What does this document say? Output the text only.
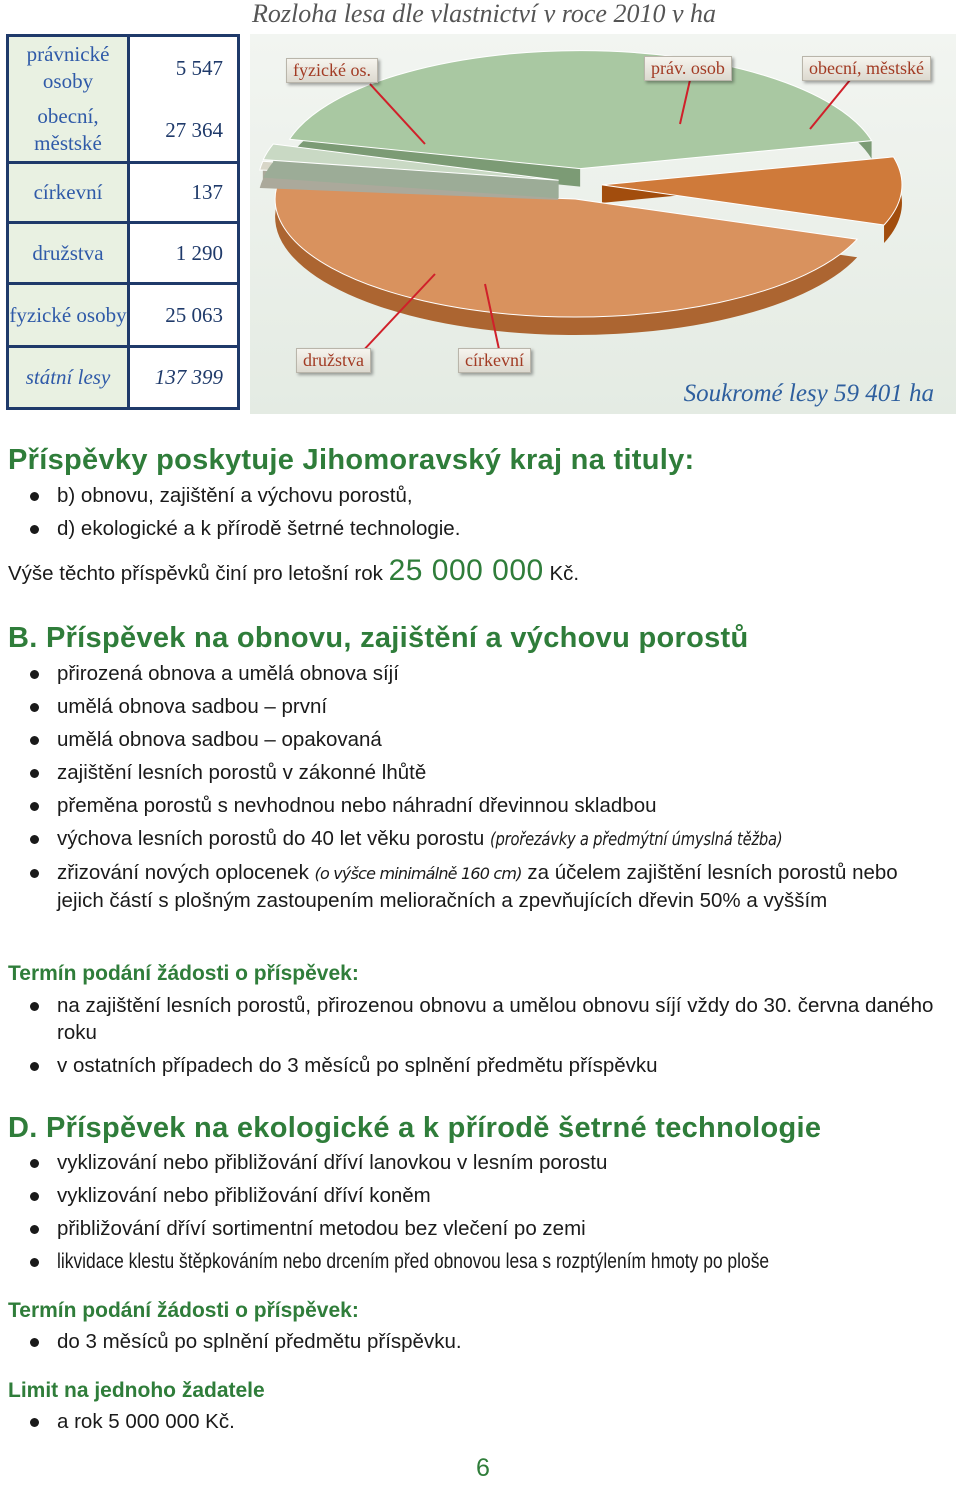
Rozloha lesa dle vlastnictví v roce 2010 v ha
právnické osoby
5 547
obecní, městské
27 364
církevní	137
družstva	1 290
fyzické osoby	25 063
státní lesy	137 399
fyzické os.	práv. osob	obecní, městské
družstva	církevní
Soukromé lesy 59 401 ha
Příspěvky poskytuje Jihomoravský kraj na tituly:
b) obnovu, zajištění a výchovu porostů,
d) ekologické a k přírodě šetrné technologie.
Výše těchto příspěvků činí pro letošní rok 25 000 000 Kč.
B. Příspěvek na obnovu, zajištění a výchovu porostů
přirozená obnova a umělá obnova síjí
umělá obnova sadbou – první
umělá obnova sadbou – opakovaná
zajištění lesních porostů v zákonné lhůtě
přeměna porostů s nevhodnou nebo náhradní dřevinnou skladbou
výchova lesních porostů do 40 let věku porostu (prořezávky a předmýtní úmyslná těžba)
zřizování nových oplocenek (o výšce minimálně 160 cm) za účelem zajištění lesních porostů nebo jejich částí s plošným zastoupením melioračních a zpevňujících dřevin 50% a vyšším
Termín podání žádosti o příspěvek:
na zajištění lesních porostů, přirozenou obnovu a umělou obnovu síjí vždy do 30. června daného roku
v ostatních případech do 3 měsíců po splnění předmětu příspěvku
D. Příspěvek na ekologické a k přírodě šetrné technologie
vyklizování nebo přibližování dříví lanovkou v lesním porostu
vyklizování nebo přibližování dříví koněm
přibližování dříví sortimentní metodou bez vlečení po zemi
likvidace klestu štěpkováním nebo drcením před obnovou lesa s rozptýlením hmoty po ploše
Termín podání žádosti o příspěvek:
do 3 měsíců po splnění předmětu příspěvku.
Limit na jednoho žadatele
a rok 5 000 000 Kč.
6
